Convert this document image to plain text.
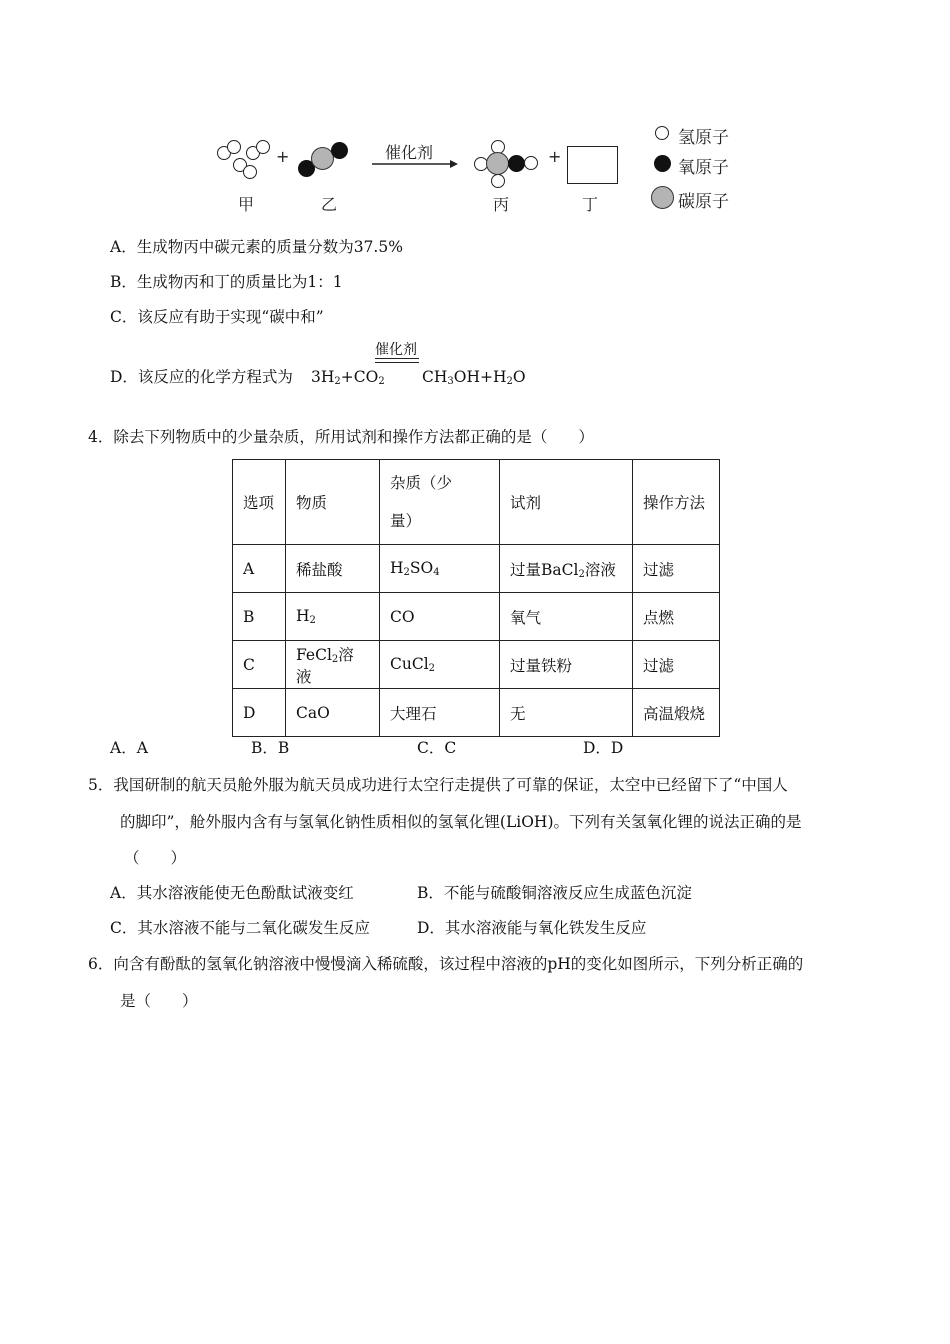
甲
+
乙
催化剂
丙
+
丁
氢原子
氧原子
碳原子
A．生成物丙中碳元素的质量分数为37.5%
B．生成物丙和丁的质量比为1：1
C．该反应有助于实现“碳中和”
D．该反应的化学方程式为 $3H_2+CO_2$
催化剂
$CH_3OH+H_2O$
4．除去下列物质中的少量杂质，所用试剂和操作方法都正确的是（　　）
选项	物质	杂质（少
量）	试剂	操作方法
A	稀盐酸	$H_2SO_4$	过量BaCl$_2$溶液	过滤
B	$H_2$	CO	氧气	点燃
C	FeCl$_2$溶液	CuCl$_2$	过量铁粉	过滤
D	CaO	大理石	无	高温煅烧
A．A	B．B	C．C	D．D
5．我国研制的航天员舱外服为航天员成功进行太空行走提供了可靠的保证，太空中已经留下了“中国人
的脚印”，舱外服内含有与氢氧化钠性质相似的氢氧化锂(LiOH)。下列有关氢氧化锂的说法正确的是
（　　）
A．其水溶液能使无色酚酞试液变红	B．不能与硫酸铜溶液反应生成蓝色沉淀
C．其水溶液不能与二氧化碳发生反应	D．其水溶液能与氧化铁发生反应
6．向含有酚酞的氢氧化钠溶液中慢慢滴入稀硫酸，该过程中溶液的pH的变化如图所示，下列分析正确的
是（　　）
